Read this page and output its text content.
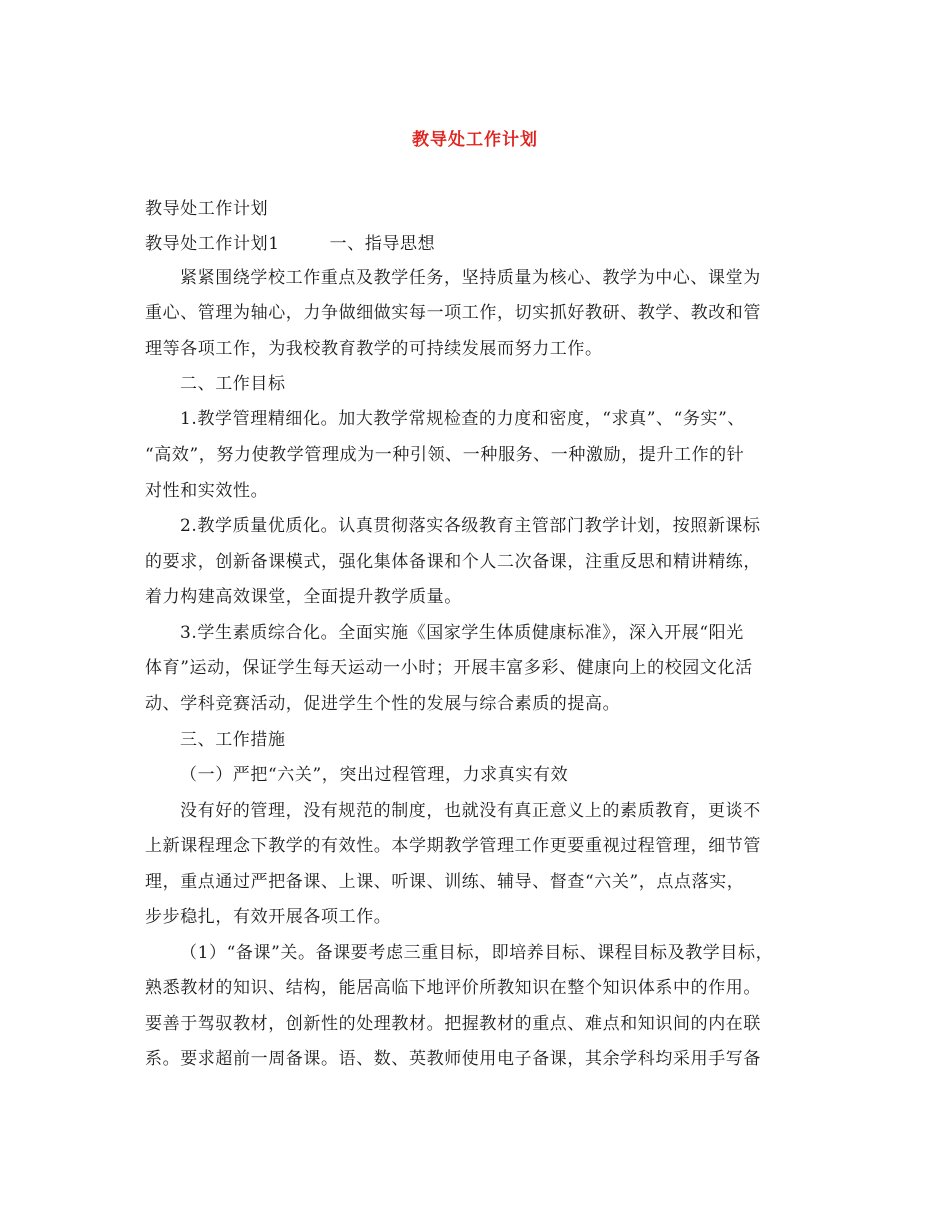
教导处工作计划
教导处工作计划
教导处工作计划1	一、指导思想
紧紧围绕学校工作重点及教学任务，坚持质量为核心、教学为中心、课堂为
重心、管理为轴心，力争做细做实每一项工作，切实抓好教研、教学、教改和管
理等各项工作，为我校教育教学的可持续发展而努力工作。
二、工作目标
1.教学管理精细化。加大教学常规检查的力度和密度，“求真”、“务实”、
“高效”，努力使教学管理成为一种引领、一种服务、一种激励，提升工作的针
对性和实效性。
2.教学质量优质化。认真贯彻落实各级教育主管部门教学计划，按照新课标
的要求，创新备课模式，强化集体备课和个人二次备课，注重反思和精讲精练，
着力构建高效课堂，全面提升教学质量。
3.学生素质综合化。全面实施《国家学生体质健康标准》，深入开展“阳光
体育”运动，保证学生每天运动一小时；开展丰富多彩、健康向上的校园文化活
动、学科竞赛活动，促进学生个性的发展与综合素质的提高。
三、工作措施
（一）严把“六关”，突出过程管理，力求真实有效
没有好的管理，没有规范的制度，也就没有真正意义上的素质教育，更谈不
上新课程理念下教学的有效性。本学期教学管理工作更要重视过程管理，细节管
理，重点通过严把备课、上课、听课、训练、辅导、督查“六关”，点点落实，
步步稳扎，有效开展各项工作。
（1）“备课”关。备课要考虑三重目标，即培养目标、课程目标及教学目标，
熟悉教材的知识、结构，能居高临下地评价所教知识在整个知识体系中的作用。
要善于驾驭教材，创新性的处理教材。把握教材的重点、难点和知识间的内在联
系。要求超前一周备课。语、数、英教师使用电子备课，其余学科均采用手写备
